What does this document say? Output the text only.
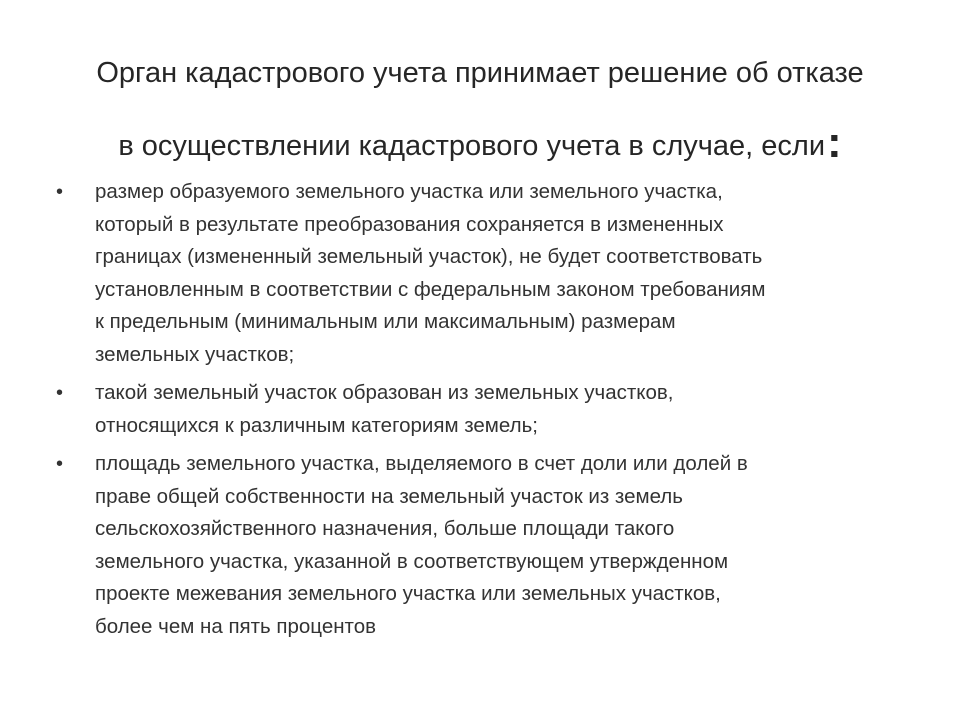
Орган кадастрового учета принимает решение об отказе
в осуществлении кадастрового учета в случае, если:
• размер образуемого земельного участка или земельного участка,
который в результате преобразования сохраняется в измененных
границах (измененный земельный участок), не будет соответствовать
установленным в соответствии с федеральным законом требованиям
к предельным (минимальным или максимальным) размерам
земельных участков;
• такой земельный участок образован из земельных участков,
относящихся к различным категориям земель;
• площадь земельного участка, выделяемого в счет доли или долей в
праве общей собственности на земельный участок из земель
сельскохозяйственного назначения, больше площади такого
земельного участка, указанной в соответствующем утвержденном
проекте межевания земельного участка или земельных участков,
более чем на пять процентов
